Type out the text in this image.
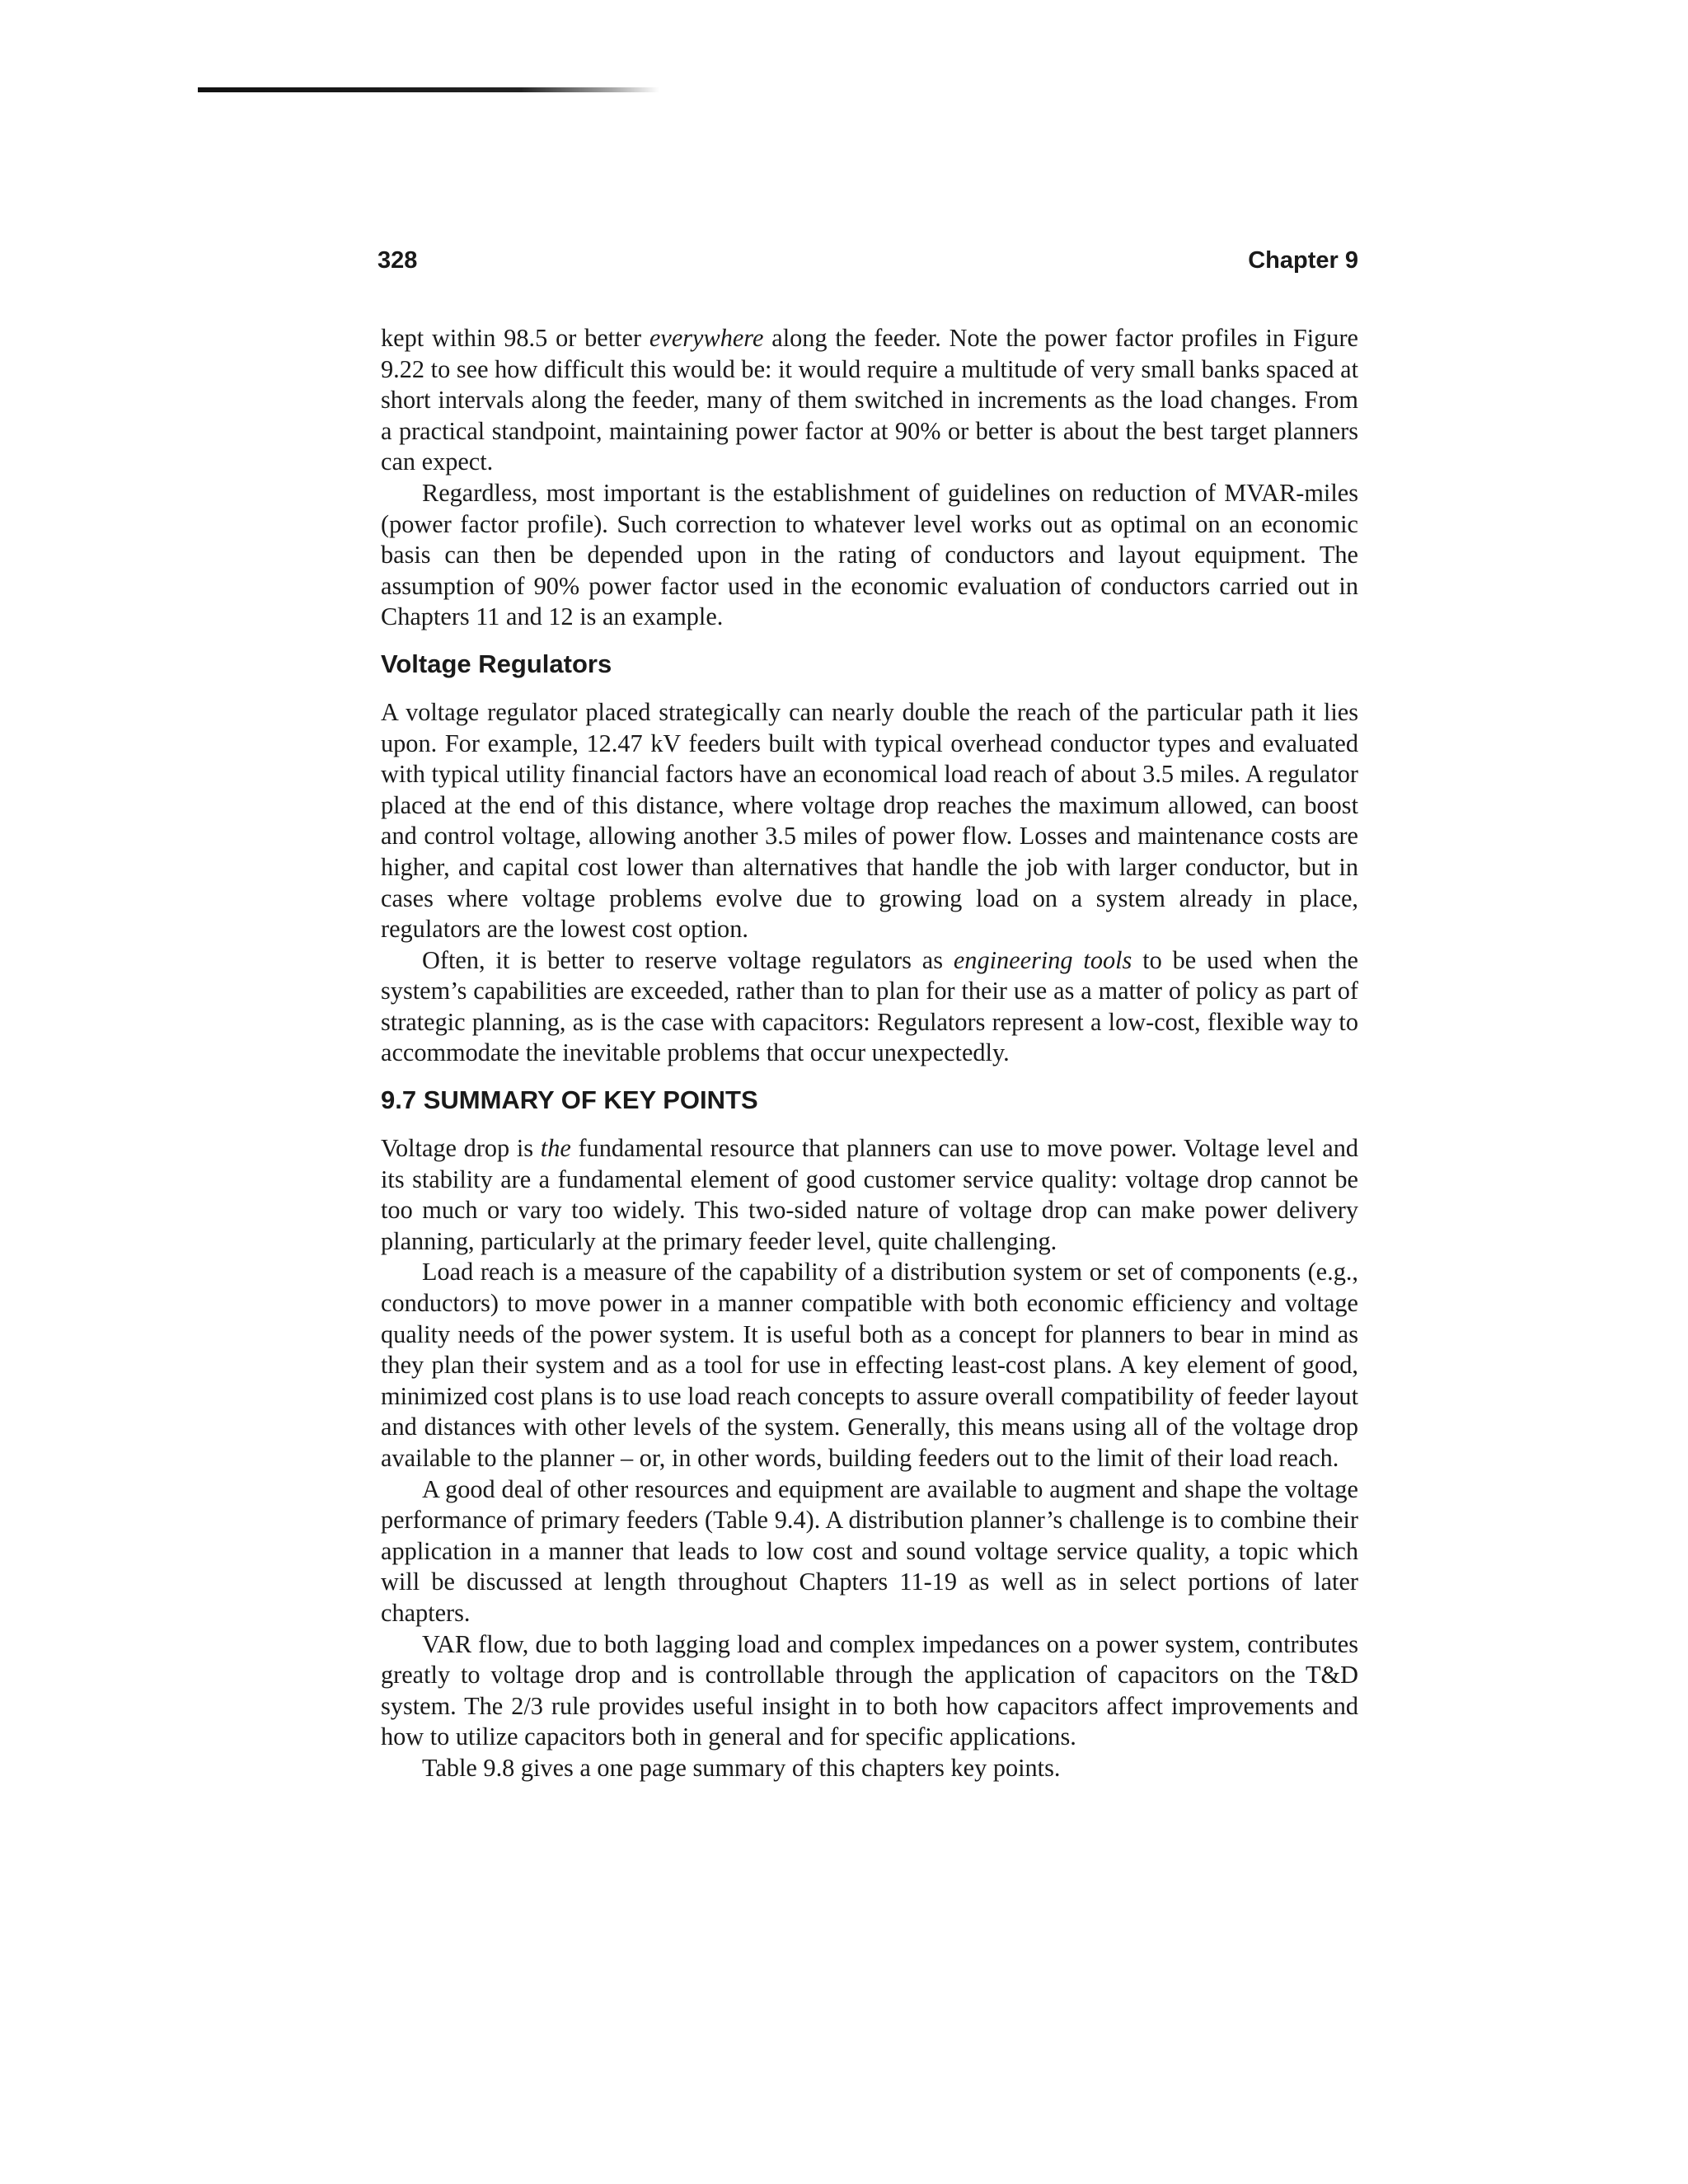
328	Chapter 9

kept within 98.5 or better everywhere along the feeder. Note the power factor profiles in Figure 9.22 to see how difficult this would be: it would require a multitude of very small banks spaced at short intervals along the feeder, many of them switched in increments as the load changes. From a practical standpoint, maintaining power factor at 90% or better is about the best target planners can expect.

Regardless, most important is the establishment of guidelines on reduction of MVAR-miles (power factor profile). Such correction to whatever level works out as optimal on an economic basis can then be depended upon in the rating of conductors and layout equipment. The assumption of 90% power factor used in the economic evaluation of conductors carried out in Chapters 11 and 12 is an example.

Voltage Regulators

A voltage regulator placed strategically can nearly double the reach of the particular path it lies upon. For example, 12.47 kV feeders built with typical overhead conductor types and evaluated with typical utility financial factors have an economical load reach of about 3.5 miles. A regulator placed at the end of this distance, where voltage drop reaches the maximum allowed, can boost and control voltage, allowing another 3.5 miles of power flow. Losses and maintenance costs are higher, and capital cost lower than alternatives that handle the job with larger conductor, but in cases where voltage problems evolve due to growing load on a system already in place, regulators are the lowest cost option.

Often, it is better to reserve voltage regulators as engineering tools to be used when the system’s capabilities are exceeded, rather than to plan for their use as a matter of policy as part of strategic planning, as is the case with capacitors: Regulators represent a low-cost, flexible way to accommodate the inevitable problems that occur unexpectedly.

9.7 SUMMARY OF KEY POINTS

Voltage drop is the fundamental resource that planners can use to move power. Voltage level and its stability are a fundamental element of good customer service quality: voltage drop cannot be too much or vary too widely. This two-sided nature of voltage drop can make power delivery planning, particularly at the primary feeder level, quite challenging.

Load reach is a measure of the capability of a distribution system or set of components (e.g., conductors) to move power in a manner compatible with both economic efficiency and voltage quality needs of the power system. It is useful both as a concept for planners to bear in mind as they plan their system and as a tool for use in effecting least-cost plans. A key element of good, minimized cost plans is to use load reach concepts to assure overall compatibility of feeder layout and distances with other levels of the system. Generally, this means using all of the voltage drop available to the planner – or, in other words, building feeders out to the limit of their load reach.

A good deal of other resources and equipment are available to augment and shape the voltage performance of primary feeders (Table 9.4). A distribution planner’s challenge is to combine their application in a manner that leads to low cost and sound voltage service quality, a topic which will be discussed at length throughout Chapters 11-19 as well as in select portions of later chapters.

VAR flow, due to both lagging load and complex impedances on a power system, contributes greatly to voltage drop and is controllable through the application of capacitors on the T&D system. The 2/3 rule provides useful insight in to both how capacitors affect improvements and how to utilize capacitors both in general and for specific applications.

Table 9.8 gives a one page summary of this chapters key points.
